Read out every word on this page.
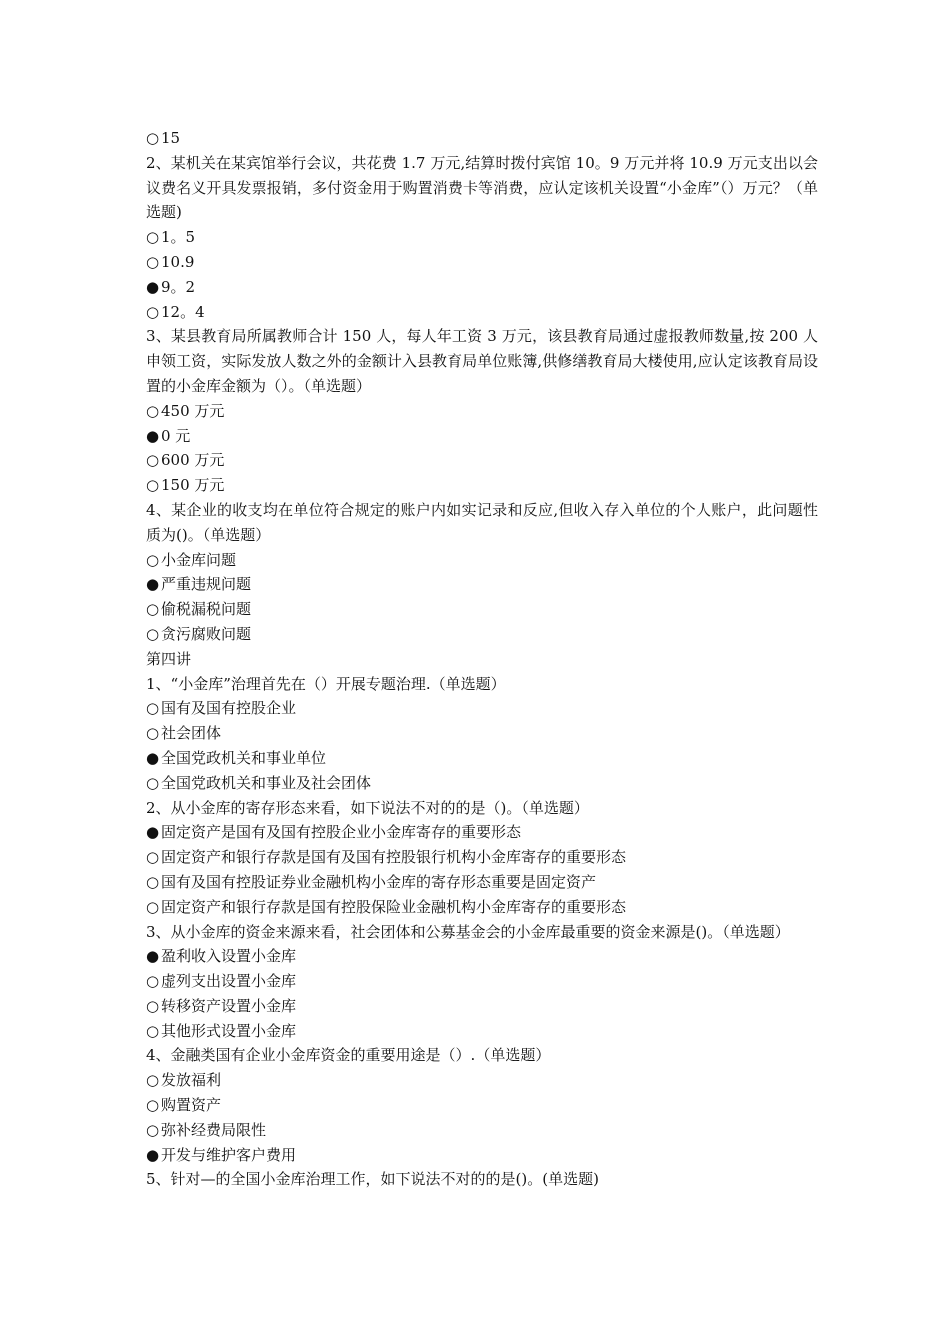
○ 15
2、某机关在某宾馆举行会议，共花费 1.7 万元,结算时拨付宾馆 10。9 万元并将 10.9 万元支出以会议费名义开具发票报销，多付资金用于购置消费卡等消费，应认定该机关设置“小金库”（）万元？（单选题)
○ 1。5
○ 10.9
● 9。2
○ 12。4
3、某县教育局所属教师合计 150 人，每人年工资 3 万元，该县教育局通过虚报教师数量,按 200 人申领工资，实际发放人数之外的金额计入县教育局单位账簿,供修缮教育局大楼使用,应认定该教育局设置的小金库金额为（）。（单选题）
○ 450 万元
● 0 元
○ 600 万元
○ 150 万元
4、某企业的收支均在单位符合规定的账户内如实记录和反应,但收入存入单位的个人账户，此问题性质为()。（单选题）
○ 小金库问题
● 严重违规问题
○ 偷税漏税问题
○ 贪污腐败问题
第四讲
1、“小金库”治理首先在（）开展专题治理.（单选题）
○ 国有及国有控股企业
○ 社会团体
● 全国党政机关和事业单位
○ 全国党政机关和事业及社会团体
2、从小金库的寄存形态来看，如下说法不对的的是（)。（单选题）
● 固定资产是国有及国有控股企业小金库寄存的重要形态
○ 固定资产和银行存款是国有及国有控股银行机构小金库寄存的重要形态
○ 国有及国有控股证券业金融机构小金库的寄存形态重要是固定资产
○ 固定资产和银行存款是国有控股保险业金融机构小金库寄存的重要形态
3、从小金库的资金来源来看，社会团体和公募基金会的小金库最重要的资金来源是()。（单选题）
● 盈利收入设置小金库
○ 虚列支出设置小金库
○ 转移资产设置小金库
○ 其他形式设置小金库
4、金融类国有企业小金库资金的重要用途是（）.（单选题）
○ 发放福利
○ 购置资产
○ 弥补经费局限性
● 开发与维护客户费用
5、针对—的全国小金库治理工作，如下说法不对的的是()。(单选题)
